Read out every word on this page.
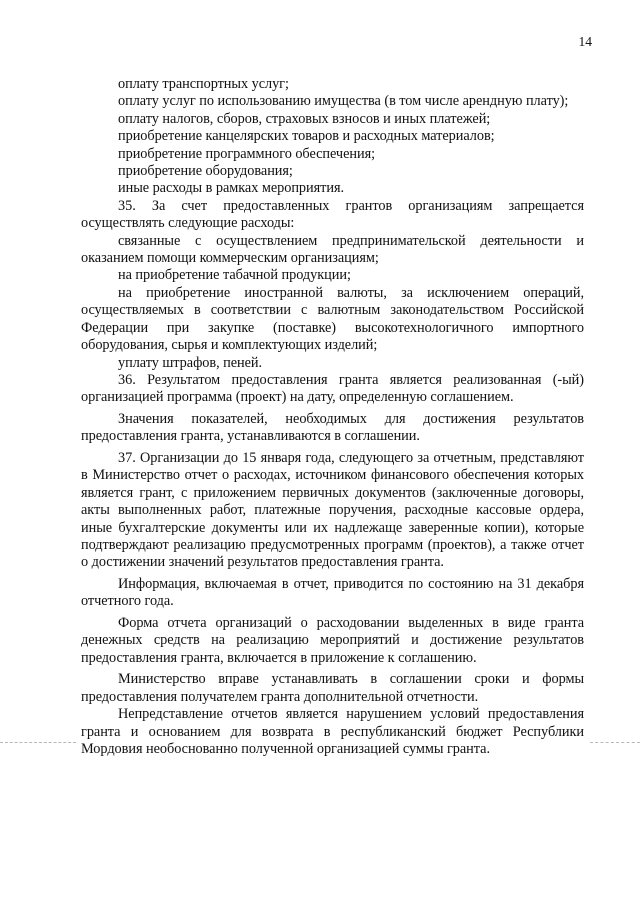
14

оплату транспортных услуг;

оплату услуг по использованию имущества (в том числе арендную плату);

оплату налогов, сборов, страховых взносов и иных платежей;

приобретение канцелярских товаров и расходных материалов;

приобретение программного обеспечения;

приобретение оборудования;

иные расходы в рамках мероприятия.

35. За счет предоставленных грантов организациям запрещается осуществлять следующие расходы:

связанные с осуществлением предпринимательской деятельности и оказанием помощи коммерческим организациям;

на приобретение табачной продукции;

на приобретение иностранной валюты, за исключением операций, осуществляемых в соответствии с валютным законодательством Российской Федерации при закупке (поставке) высокотехнологичного импортного оборудования, сырья и комплектующих изделий;

уплату штрафов, пеней.

36. Результатом предоставления гранта является реализованная (-ый) организацией программа (проект) на дату, определенную соглашением.

Значения показателей, необходимых для достижения результатов предоставления гранта, устанавливаются в соглашении.

37. Организации до 15 января года, следующего за отчетным, представляют в Министерство отчет о расходах, источником финансового обеспечения которых является грант, с приложением первичных документов (заключенные договоры, акты выполненных работ, платежные поручения, расходные кассовые ордера, иные бухгалтерские документы или их надлежаще заверенные копии), которые подтверждают реализацию предусмотренных программ (проектов), а также отчет о достижении значений результатов предоставления гранта.

Информация, включаемая в отчет, приводится по состоянию на 31 декабря отчетного года.

Форма отчета организаций о расходовании выделенных в виде гранта денежных средств на реализацию мероприятий и достижение результатов предоставления гранта, включается в приложение к соглашению.

Министерство вправе устанавливать в соглашении сроки и формы предоставления получателем гранта дополнительной отчетности.

Непредставление отчетов является нарушением условий предоставления гранта и основанием для возврата в республиканский бюджет Республики Мордовия необоснованно полученной организацией суммы гранта.
